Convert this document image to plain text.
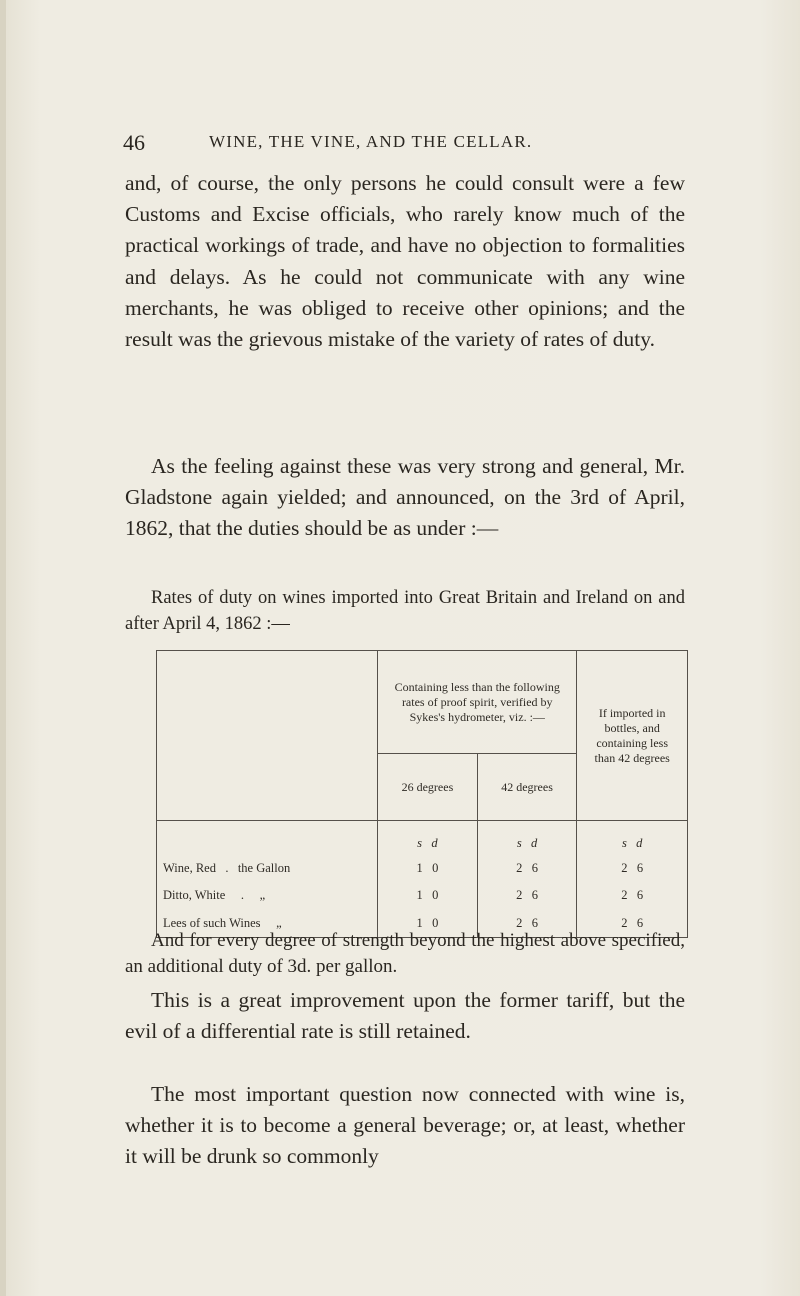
46	WINE, THE VINE, AND THE CELLAR.

and, of course, the only persons he could consult were a few Customs and Excise officials, who rarely know much of the practical workings of trade, and have no objection to formalities and delays. As he could not communicate with any wine merchants, he was obliged to receive other opinions; and the result was the grievous mistake of the variety of rates of duty.

As the feeling against these was very strong and general, Mr. Gladstone again yielded; and announced, on the 3rd of April, 1862, that the duties should be as under :—

Rates of duty on wines imported into Great Britain and Ireland on and after April 4, 1862 :—

	Containing less than the following rates of proof spirit, verified by Sykes's hydrometer, viz. :—		If imported in bottles, and containing less than 42 degrees
	26 degrees	42 degrees	
	s   d	s   d	s   d
Wine, Red   .   the Gallon	1   0	2   6	2   6
Ditto, White     .     „	1   0	2   6	2   6
Lees of such Wines     „	1   0	2   6	2   6

And for every degree of strength beyond the highest above specified, an additional duty of 3d. per gallon.

This is a great improvement upon the former tariff, but the evil of a differential rate is still retained.

The most important question now connected with wine is, whether it is to become a general beverage; or, at least, whether it will be drunk so commonly
